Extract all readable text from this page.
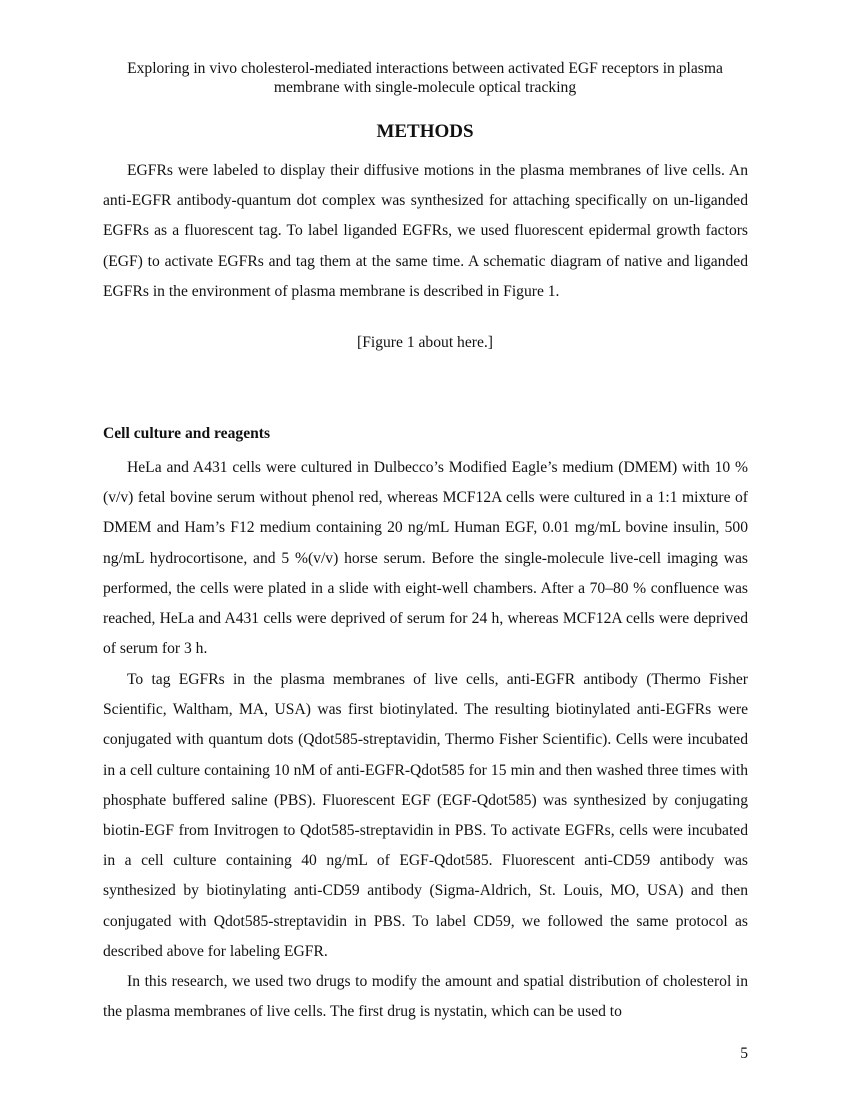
Exploring in vivo cholesterol-mediated interactions between activated EGF receptors in plasma membrane with single-molecule optical tracking
METHODS

EGFRs were labeled to display their diffusive motions in the plasma membranes of live cells. An anti-EGFR antibody-quantum dot complex was synthesized for attaching specifically on un-liganded EGFRs as a fluorescent tag. To label liganded EGFRs, we used fluorescent epidermal growth factors (EGF) to activate EGFRs and tag them at the same time. A schematic diagram of native and liganded EGFRs in the environment of plasma membrane is described in Figure 1.

[Figure 1 about here.]
Cell culture and reagents

HeLa and A431 cells were cultured in Dulbecco’s Modified Eagle’s medium (DMEM) with 10 % (v/v) fetal bovine serum without phenol red, whereas MCF12A cells were cultured in a 1:1 mixture of DMEM and Ham’s F12 medium containing 20 ng/mL Human EGF, 0.01 mg/mL bovine insulin, 500 ng/mL hydrocortisone, and 5 %(v/v) horse serum. Before the single-molecule live-cell imaging was performed, the cells were plated in a slide with eight-well chambers. After a 70–80 % confluence was reached, HeLa and A431 cells were deprived of serum for 24 h, whereas MCF12A cells were deprived of serum for 3 h.

To tag EGFRs in the plasma membranes of live cells, anti-EGFR antibody (Thermo Fisher Scientific, Waltham, MA, USA) was first biotinylated. The resulting biotinylated anti-EGFRs were conjugated with quantum dots (Qdot585-streptavidin, Thermo Fisher Scientific). Cells were incubated in a cell culture containing 10 nM of anti-EGFR-Qdot585 for 15 min and then washed three times with phosphate buffered saline (PBS). Fluorescent EGF (EGF-Qdot585) was synthesized by conjugating biotin-EGF from Invitrogen to Qdot585-streptavidin in PBS. To activate EGFRs, cells were incubated in a cell culture containing 40 ng/mL of EGF-Qdot585. Fluorescent anti-CD59 antibody was synthesized by biotinylating anti-CD59 antibody (Sigma-Aldrich, St. Louis, MO, USA) and then conjugated with Qdot585-streptavidin in PBS. To label CD59, we followed the same protocol as described above for labeling EGFR.

In this research, we used two drugs to modify the amount and spatial distribution of cholesterol in the plasma membranes of live cells. The first drug is nystatin, which can be used to

5
